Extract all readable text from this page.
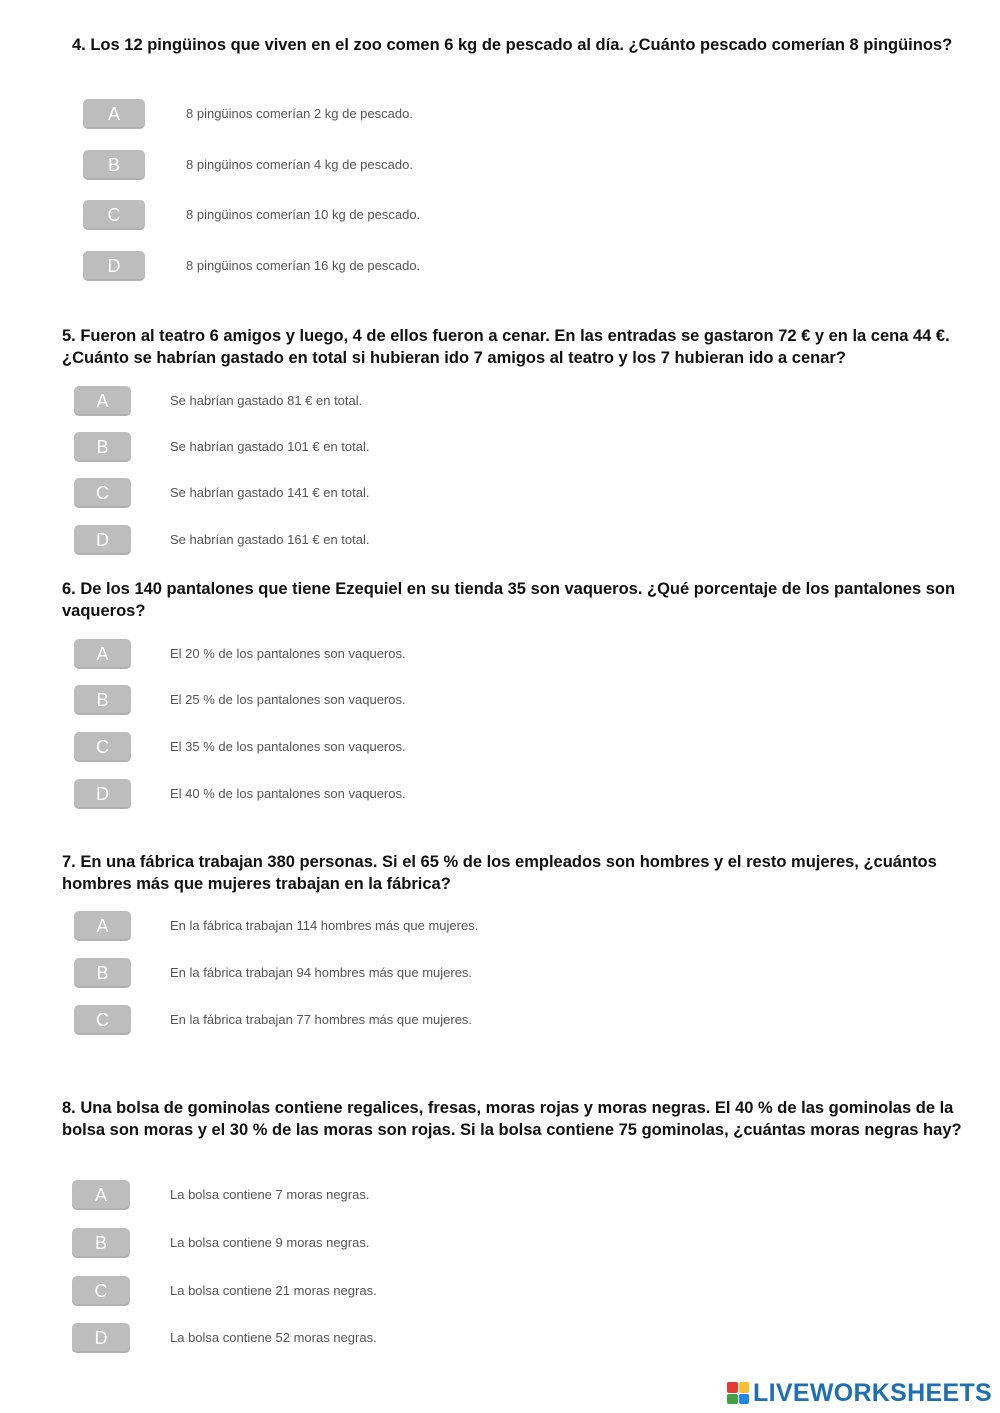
4. Los 12 pingüinos que viven en el zoo comen 6 kg de pescado al día. ¿Cuánto pescado comerían 8 pingüinos?
A	8 pingüinos comerían 2 kg de pescado.
B	8 pingüinos comerían 4 kg de pescado.
C	8 pingüinos comerían 10 kg de pescado.
D	8 pingüinos comerían 16 kg de pescado.
5. Fueron al teatro 6 amigos y luego, 4 de ellos fueron a cenar. En las entradas se gastaron 72 € y en la cena 44 €. ¿Cuánto se habrían gastado en total si hubieran ido 7 amigos al teatro y los 7 hubieran ido a cenar?
A	Se habrían gastado 81 € en total.
B	Se habrían gastado 101 € en total.
C	Se habrían gastado 141 € en total.
D	Se habrían gastado 161 € en total.
6. De los 140 pantalones que tiene Ezequiel en su tienda 35 son vaqueros. ¿Qué porcentaje de los pantalones son vaqueros?
A	El 20 % de los pantalones son vaqueros.
B	El 25 % de los pantalones son vaqueros.
C	El 35 % de los pantalones son vaqueros.
D	El 40 % de los pantalones son vaqueros.
7. En una fábrica trabajan 380 personas. Si el 65 % de los empleados son hombres y el resto mujeres, ¿cuántos hombres más que mujeres trabajan en la fábrica?
A	En la fábrica trabajan 114 hombres más que mujeres.
B	En la fábrica trabajan 94 hombres más que mujeres.
C	En la fábrica trabajan 77 hombres más que mujeres.
8. Una bolsa de gominolas contiene regalices, fresas, moras rojas y moras negras. El 40 % de las gominolas de la bolsa son moras y el 30 % de las moras son rojas. Si la bolsa contiene 75 gominolas, ¿cuántas moras negras hay?
A	La bolsa contiene 7 moras negras.
B	La bolsa contiene 9 moras negras.
C	La bolsa contiene 21 moras negras.
D	La bolsa contiene 52 moras negras.
LIVEWORKSHEETS
